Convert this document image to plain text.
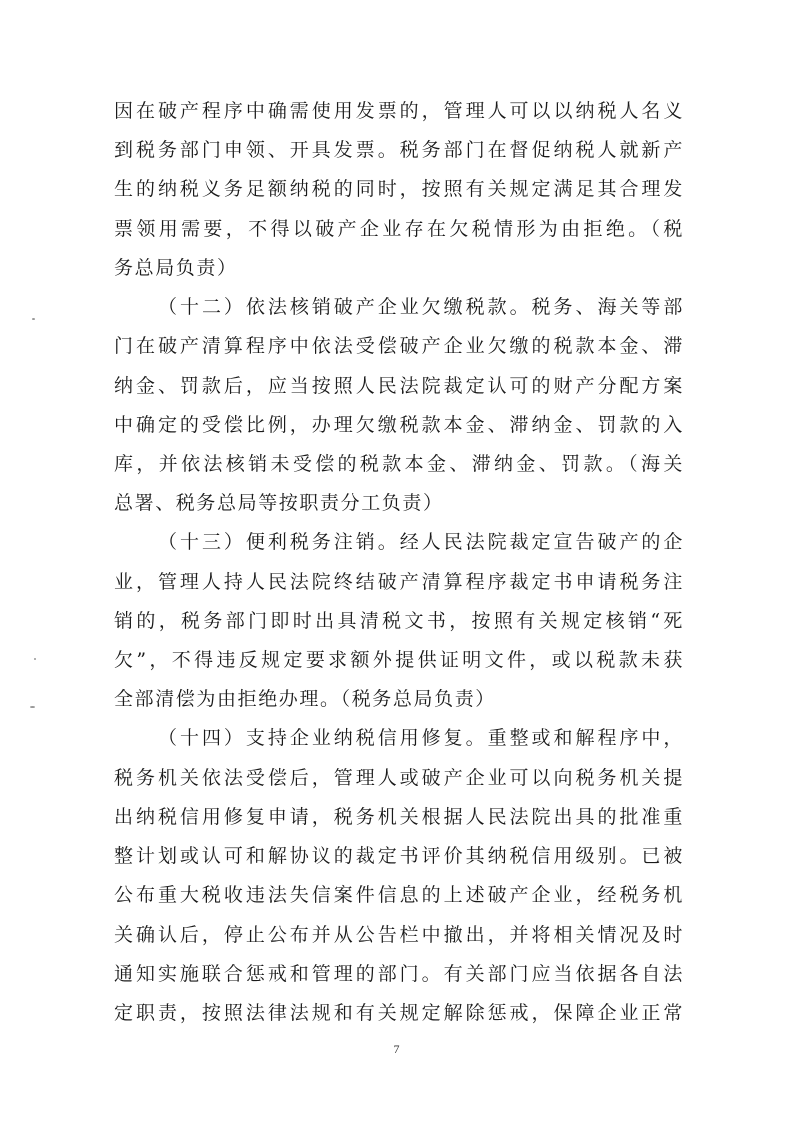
因在破产程序中确需使用发票的，管理人可以以纳税人名义
到税务部门申领、开具发票。税务部门在督促纳税人就新产
生的纳税义务足额纳税的同时，按照有关规定满足其合理发
票领用需要，不得以破产企业存在欠税情形为由拒绝。（税
务总局负责）
（十二）依法核销破产企业欠缴税款。税务、海关等部
门在破产清算程序中依法受偿破产企业欠缴的税款本金、滞
纳金、罚款后，应当按照人民法院裁定认可的财产分配方案
中确定的受偿比例，办理欠缴税款本金、滞纳金、罚款的入
库，并依法核销未受偿的税款本金、滞纳金、罚款。（海关
总署、税务总局等按职责分工负责）
（十三）便利税务注销。经人民法院裁定宣告破产的企
业，管理人持人民法院终结破产清算程序裁定书申请税务注
销的，税务部门即时出具清税文书，按照有关规定核销“死
欠”，不得违反规定要求额外提供证明文件，或以税款未获
全部清偿为由拒绝办理。（税务总局负责）
（十四）支持企业纳税信用修复。重整或和解程序中，
税务机关依法受偿后，管理人或破产企业可以向税务机关提
出纳税信用修复申请，税务机关根据人民法院出具的批准重
整计划或认可和解协议的裁定书评价其纳税信用级别。已被
公布重大税收违法失信案件信息的上述破产企业，经税务机
关确认后，停止公布并从公告栏中撤出，并将相关情况及时
通知实施联合惩戒和管理的部门。有关部门应当依据各自法
定职责，按照法律法规和有关规定解除惩戒，保障企业正常
7
